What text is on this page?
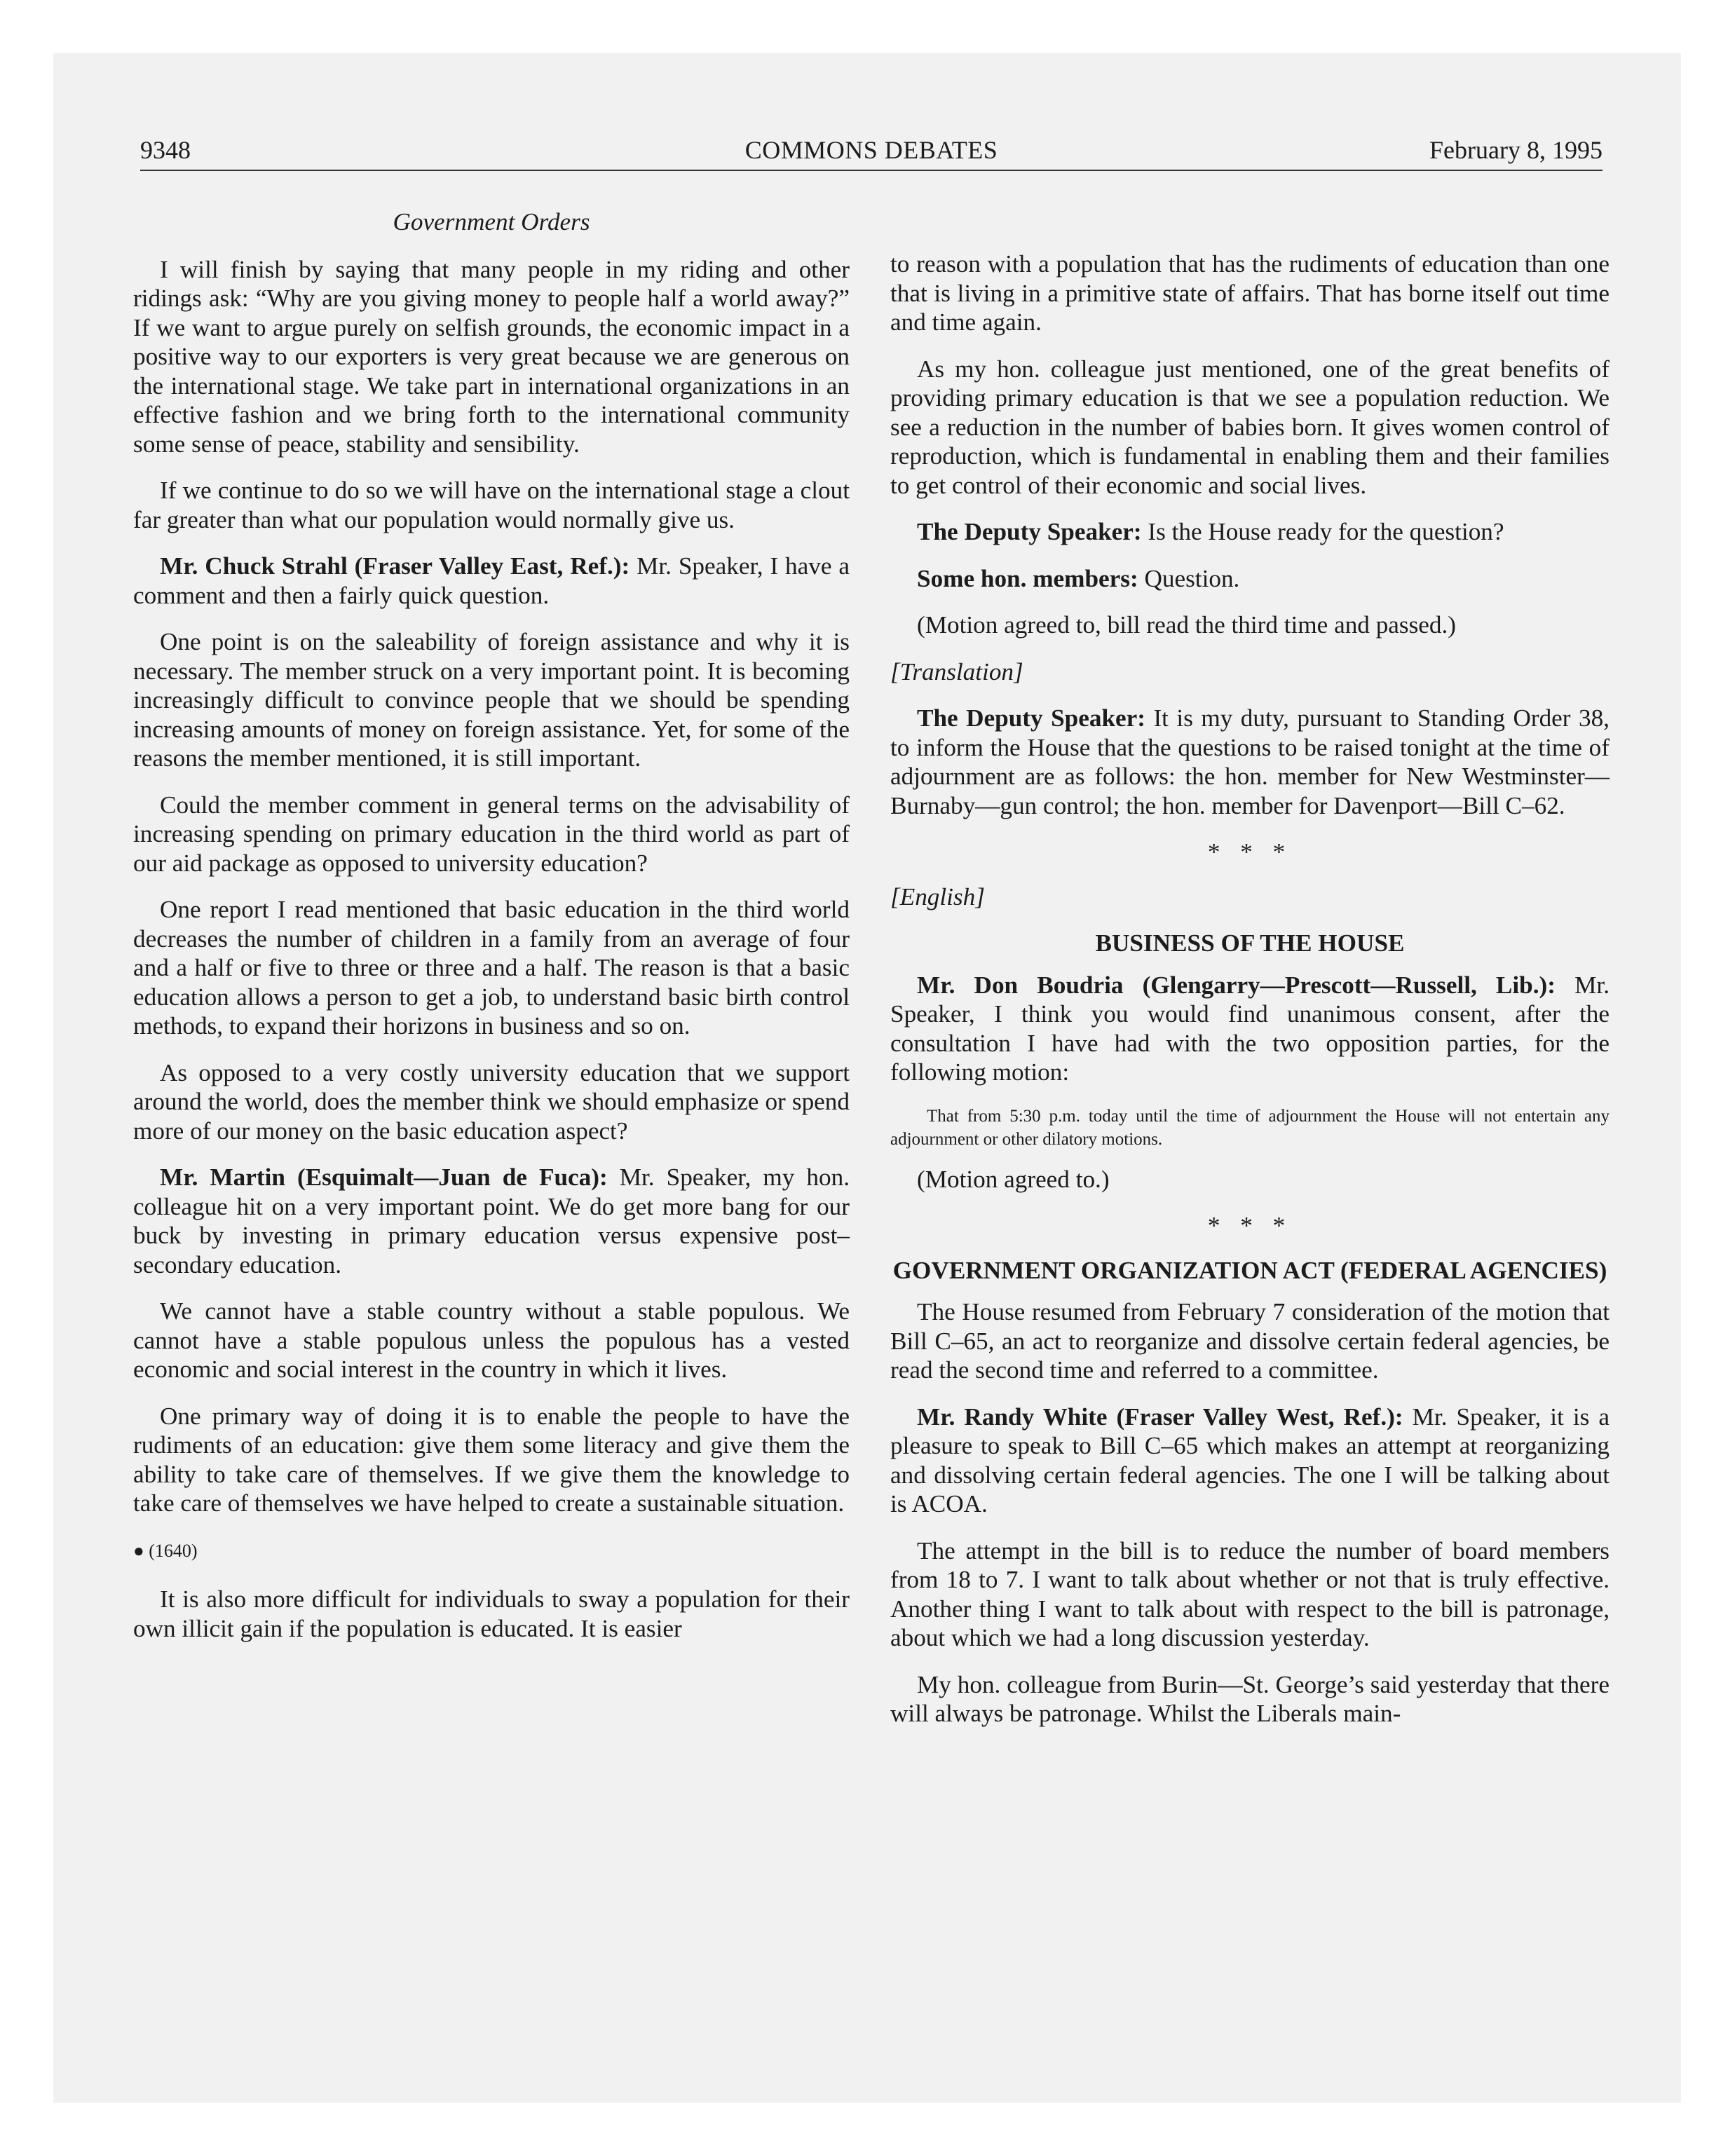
9348	COMMONS DEBATES	February 8, 1995

Government Orders

I will finish by saying that many people in my riding and other ridings ask: “Why are you giving money to people half a world away?” If we want to argue purely on selfish grounds, the economic impact in a positive way to our exporters is very great because we are generous on the international stage. We take part in international organizations in an effective fashion and we bring forth to the international community some sense of peace, stability and sensibility.

If we continue to do so we will have on the international stage a clout far greater than what our population would normally give us.

Mr. Chuck Strahl (Fraser Valley East, Ref.): Mr. Speaker, I have a comment and then a fairly quick question.

One point is on the saleability of foreign assistance and why it is necessary. The member struck on a very important point. It is becoming increasingly difficult to convince people that we should be spending increasing amounts of money on foreign assistance. Yet, for some of the reasons the member mentioned, it is still important.

Could the member comment in general terms on the advisability of increasing spending on primary education in the third world as part of our aid package as opposed to university education?

One report I read mentioned that basic education in the third world decreases the number of children in a family from an average of four and a half or five to three or three and a half. The reason is that a basic education allows a person to get a job, to understand basic birth control methods, to expand their horizons in business and so on.

As opposed to a very costly university education that we support around the world, does the member think we should emphasize or spend more of our money on the basic education aspect?

Mr. Martin (Esquimalt—Juan de Fuca): Mr. Speaker, my hon. colleague hit on a very important point. We do get more bang for our buck by investing in primary education versus expensive post–secondary education.

We cannot have a stable country without a stable populous. We cannot have a stable populous unless the populous has a vested economic and social interest in the country in which it lives.

One primary way of doing it is to enable the people to have the rudiments of an education: give them some literacy and give them the ability to take care of themselves. If we give them the knowledge to take care of themselves we have helped to create a sustainable situation.

● (1640)

It is also more difficult for individuals to sway a population for their own illicit gain if the population is educated. It is easier

to reason with a population that has the rudiments of education than one that is living in a primitive state of affairs. That has borne itself out time and time again.

As my hon. colleague just mentioned, one of the great benefits of providing primary education is that we see a population reduction. We see a reduction in the number of babies born. It gives women control of reproduction, which is fundamental in enabling them and their families to get control of their economic and social lives.

The Deputy Speaker: Is the House ready for the question?

Some hon. members: Question.

(Motion agreed to, bill read the third time and passed.)

[Translation]

The Deputy Speaker: It is my duty, pursuant to Standing Order 38, to inform the House that the questions to be raised tonight at the time of adjournment are as follows: the hon. member for New Westminster—Burnaby—gun control; the hon. member for Davenport—Bill C–62.

* * *

[English]

BUSINESS OF THE HOUSE

Mr. Don Boudria (Glengarry—Prescott—Russell, Lib.): Mr. Speaker, I think you would find unanimous consent, after the consultation I have had with the two opposition parties, for the following motion:

That from 5:30 p.m. today until the time of adjournment the House will not entertain any adjournment or other dilatory motions.

(Motion agreed to.)

* * *

GOVERNMENT ORGANIZATION ACT (FEDERAL AGENCIES)

The House resumed from February 7 consideration of the motion that Bill C–65, an act to reorganize and dissolve certain federal agencies, be read the second time and referred to a committee.

Mr. Randy White (Fraser Valley West, Ref.): Mr. Speaker, it is a pleasure to speak to Bill C–65 which makes an attempt at reorganizing and dissolving certain federal agencies. The one I will be talking about is ACOA.

The attempt in the bill is to reduce the number of board members from 18 to 7. I want to talk about whether or not that is truly effective. Another thing I want to talk about with respect to the bill is patronage, about which we had a long discussion yesterday.

My hon. colleague from Burin—St. George’s said yesterday that there will always be patronage. Whilst the Liberals main-
